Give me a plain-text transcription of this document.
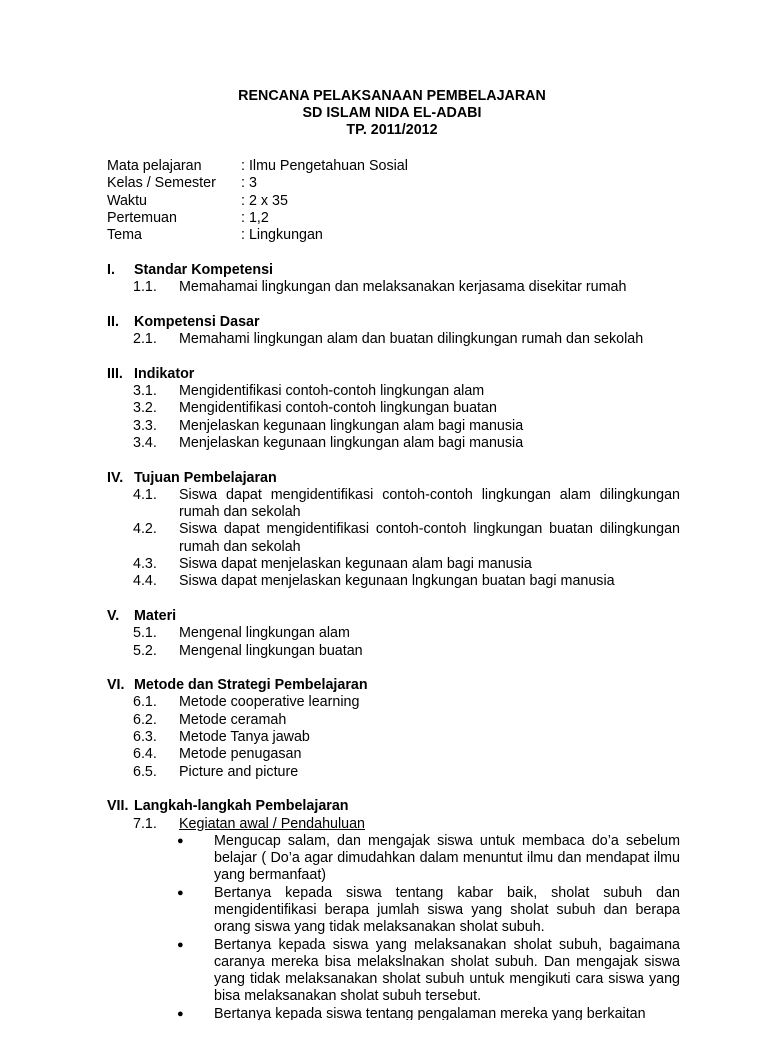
RENCANA PELAKSANAAN PEMBELAJARAN
SD ISLAM NIDA EL-ADABI
TP. 2011/2012
Mata pelajaran	: Ilmu Pengetahuan Sosial
Kelas / Semester : 3
Waktu	: 2 x 35
Pertemuan	: 1,2
Tema	: Lingkungan
I. Standar Kompetensi
1.1. Memahamai lingkungan dan melaksanakan kerjasama disekitar rumah
II. Kompetensi Dasar
2.1. Memahami lingkungan alam dan buatan dilingkungan rumah dan sekolah
III. Indikator
3.1. Mengidentifikasi contoh-contoh lingkungan alam
3.2. Mengidentifikasi contoh-contoh lingkungan buatan
3.3. Menjelaskan kegunaan lingkungan alam bagi manusia
3.4. Menjelaskan kegunaan lingkungan alam bagi manusia
IV. Tujuan Pembelajaran
4.1. Siswa dapat mengidentifikasi contoh-contoh lingkungan alam dilingkungan rumah dan sekolah
4.2. Siswa dapat mengidentifikasi contoh-contoh lingkungan buatan dilingkungan rumah dan sekolah
4.3. Siswa dapat menjelaskan kegunaan alam bagi manusia
4.4. Siswa dapat menjelaskan kegunaan lngkungan buatan bagi manusia
V. Materi
5.1. Mengenal lingkungan alam
5.2. Mengenal lingkungan buatan
VI. Metode dan Strategi Pembelajaran
6.1. Metode cooperative learning
6.2. Metode ceramah
6.3. Metode Tanya jawab
6.4. Metode penugasan
6.5. Picture and picture
VII. Langkah-langkah Pembelajaran
7.1. Kegiatan awal / Pendahuluan
● Mengucap salam, dan mengajak siswa untuk membaca do’a sebelum belajar ( Do’a agar dimudahkan dalam menuntut ilmu dan mendapat ilmu yang bermanfaat)
● Bertanya kepada siswa tentang kabar baik, sholat subuh dan mengidentifikasi berapa jumlah siswa yang sholat subuh dan berapa orang siswa yang tidak melaksanakan sholat subuh.
● Bertanya kepada siswa yang melaksanakan sholat subuh, bagaimana caranya mereka bisa melakslnakan sholat subuh. Dan mengajak siswa yang tidak melaksanakan sholat subuh untuk mengikuti cara siswa yang bisa melaksanakan sholat subuh tersebut.
● Bertanya kepada siswa tentang pengalaman mereka yang berkaitan
